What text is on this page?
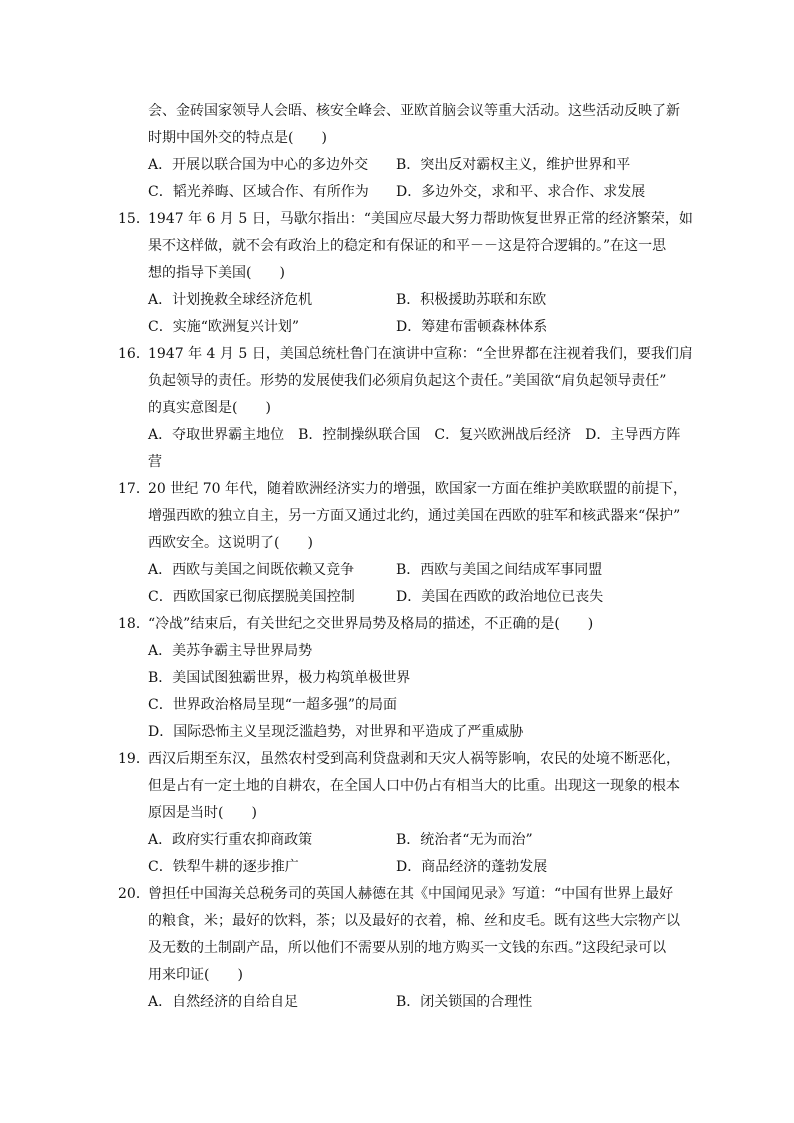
会、金砖国家领导人会晤、核安全峰会、亚欧首脑会议等重大活动。这些活动反映了新
时期中国外交的特点是(　　)
A．开展以联合国为中心的多边外交 B．突出反对霸权主义，维护世界和平
C．韬光养晦、区域合作、有所作为 D．多边外交，求和平、求合作、求发展
15．1947 年 6 月 5 日，马歇尔指出：“美国应尽最大努力帮助恢复世界正常的经济繁荣，如
果不这样做，就不会有政治上的稳定和有保证的和平－－这是符合逻辑的。”在这一思
想的指导下美国(　　)
A．计划挽救全球经济危机	B．积极援助苏联和东欧
C．实施“欧洲复兴计划”	D．筹建布雷顿森林体系
16．1947 年 4 月 5 日，美国总统杜鲁门在演讲中宣称：“全世界都在注视着我们，要我们肩
负起领导的责任。形势的发展使我们必须肩负起这个责任。”美国欲“肩负起领导责任”
的真实意图是(　　)
A．夺取世界霸主地位　B．控制操纵联合国　C．复兴欧洲战后经济　D．主导西方阵
营
17．20 世纪 70 年代，随着欧洲经济实力的增强，欧国家一方面在维护美欧联盟的前提下，
增强西欧的独立自主，另一方面又通过北约，通过美国在西欧的驻军和核武器来“保护”
西欧安全。这说明了(　　)
A．西欧与美国之间既依赖又竞争	B．西欧与美国之间结成军事同盟
C．西欧国家已彻底摆脱美国控制	D．美国在西欧的政治地位已丧失
18．“冷战”结束后，有关世纪之交世界局势及格局的描述，不正确的是(　　)
A．美苏争霸主导世界局势
B．美国试图独霸世界，极力构筑单极世界
C．世界政治格局呈现“一超多强”的局面
D．国际恐怖主义呈现泛滥趋势，对世界和平造成了严重威胁
19．西汉后期至东汉，虽然农村受到高利贷盘剥和天灾人祸等影响，农民的处境不断恶化，
但是占有一定土地的自耕农，在全国人口中仍占有相当大的比重。出现这一现象的根本
原因是当时(　　)
A．政府实行重农抑商政策	B．统治者“无为而治”
C．铁犁牛耕的逐步推广	D．商品经济的蓬勃发展
20．曾担任中国海关总税务司的英国人赫德在其《中国闻见录》写道：“中国有世界上最好
的粮食，米；最好的饮料，茶；以及最好的衣着，棉、丝和皮毛。既有这些大宗物产以
及无数的土制副产品，所以他们不需要从别的地方购买一文钱的东西。”这段纪录可以
用来印证(　　)
A．自然经济的自给自足	B．闭关锁国的合理性
